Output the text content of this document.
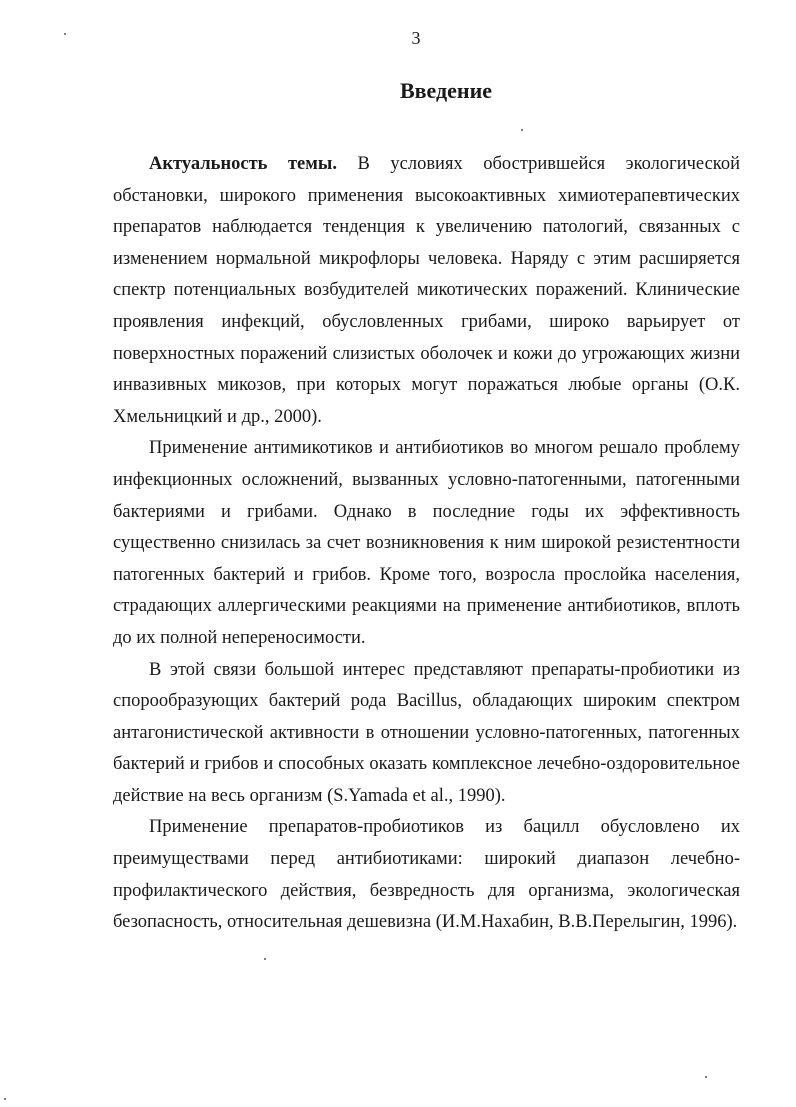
3
Введение

Актуальность темы. В условиях обострившейся экологической обстановки, широкого применения высокоактивных химиотерапевтических препаратов наблюдается тенденция к увеличению патологий, связанных с изменением нормальной микрофлоры человека. Наряду с этим расширяется спектр потенциальных возбудителей микотических поражений. Клинические проявления инфекций, обусловленных грибами, широко варьирует от поверхностных поражений слизистых оболочек и кожи до угрожающих жизни инвазивных микозов, при которых могут поражаться любые органы (О.К. Хмельницкий и др., 2000).

Применение антимикотиков и антибиотиков во многом решало проблему инфекционных осложнений, вызванных условно-патогенными, патогенными бактериями и грибами. Однако в последние годы их эффективность существенно снизилась за счет возникновения к ним широкой резистентности патогенных бактерий и грибов. Кроме того, возросла прослойка населения, страдающих аллергическими реакциями на применение антибиотиков, вплоть до их полной непереносимости.

В этой связи большой интерес представляют препараты-пробиотики из спорообразующих бактерий рода Bacillus, обладающих широким спектром антагонистической активности в отношении условно-патогенных, патогенных бактерий и грибов и способных оказать комплексное лечебно-оздоровительное действие на весь организм (S.Yamada et al., 1990).

Применение препаратов-пробиотиков из бацилл обусловлено их преимуществами перед антибиотиками: широкий диапазон лечебно-профилактического действия, безвредность для организма, экологическая безопасность, относительная дешевизна (И.М.Нахабин, В.В.Перелыгин, 1996).
